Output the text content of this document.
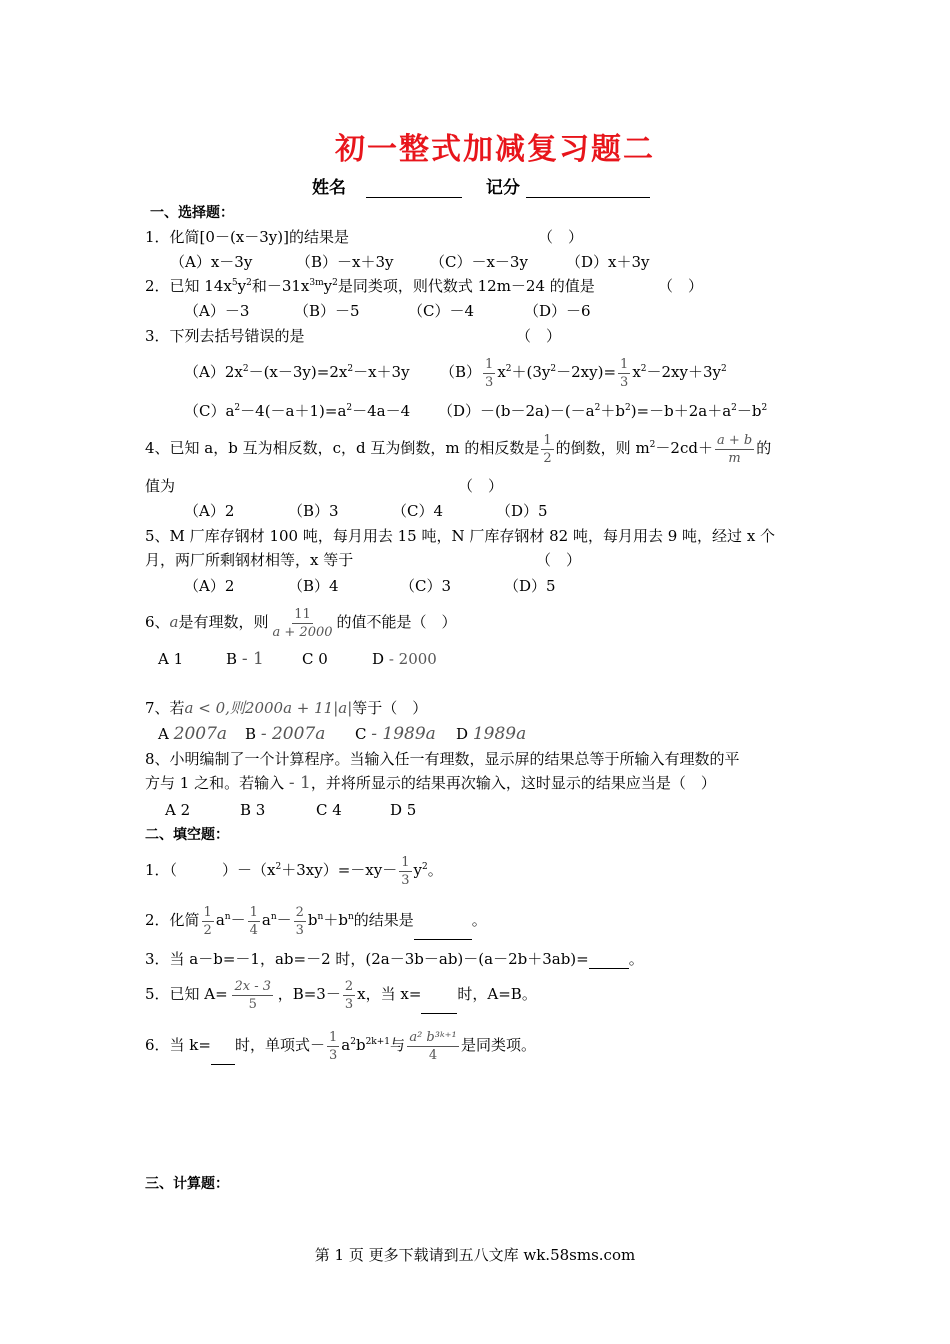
初一整式加减复习题二
姓名	记分
一、选择题：
1．化简[0－(x－3y)]的结果是	（　）
（A）x－3y	（B）－x＋3y （C）－x－3y	（D）x＋3y
2．已知 $14x^5y^2$和$-31x^{3m}y^2$是同类项，则代数式 12m－24 的值是	（　）
（A）－3	（B）－5	（C）－4	（D）－6
3．下列去括号错误的是	（　）
$(A)2x^2-(x-3y)=2x^2-x+3y$ $(B) \frac{1}{3} x^2+(3y^2-2xy)= \frac{1}{3} x^2-2xy+3y^2$
$(C)a^2-4(-a+1)=a^2-4a-4$ $(D)-(b-2a)-(-a^2+b^2)=-b+2a+a^2-b^2$
4、已知 a，b 互为相反数，c，d 互为倒数，m 的相反数是 $\frac{1}{2}$ 的倒数，则 $m^2-2cd+ \frac{a + b}{m}$ 的
值为	（　）
（A）2	（B）3	（C）4	（D）5
5、M 厂库存钢材 100 吨，每月用去 15 吨，N 厂库存钢材 82 吨，每月用去 9 吨，经过 x 个
月，两厂所剩钢材相等，x 等于	（　）
（A）2	（B）4	（C）3	（D）5
6、a是有理数，则 $\frac{11}{a + 2000}$ 的值不能是（　）
A 1	B - 1	C 0	D - 2000
7、若a < 0,则2000a + 11|a|等于（　）
A 2007a B - 2007a C - 1989a D 1989a
8、小明编制了一个计算程序。当输入任一有理数，显示屏的结果总等于所输入有理数的平
方与 1 之和。若输入 - 1，并将所显示的结果再次输入，这时显示的结果应当是（　）
A 2	B 3	C 4	D 5
二、填空题：
1．（　　　）$-(x^2+3xy)=-xy- \frac{1}{3} y^2$。
2．化简 $\frac{1}{2} a^n- \frac{1}{4} a^n- \frac{2}{3} b^n+b^n$的结果是	。
3．当 a－b=－1，ab=－2 时，(2a－3b－ab)－(a－2b＋3ab)=	。
5．已知 $A= \frac{2x - 3}{5}$ ，$B=3- \frac{2}{3}$ x，当 x= 时，A=B。
6．当 k= 时，单项式－ $\frac{1}{3} a^2b^{2k+1}$与 $\frac{\text{a² b³ᵏ⁺¹}}{4}$ 是同类项。
三、计算题：
第 1 页 更多下载请到五八文库 wk.58sms.com
